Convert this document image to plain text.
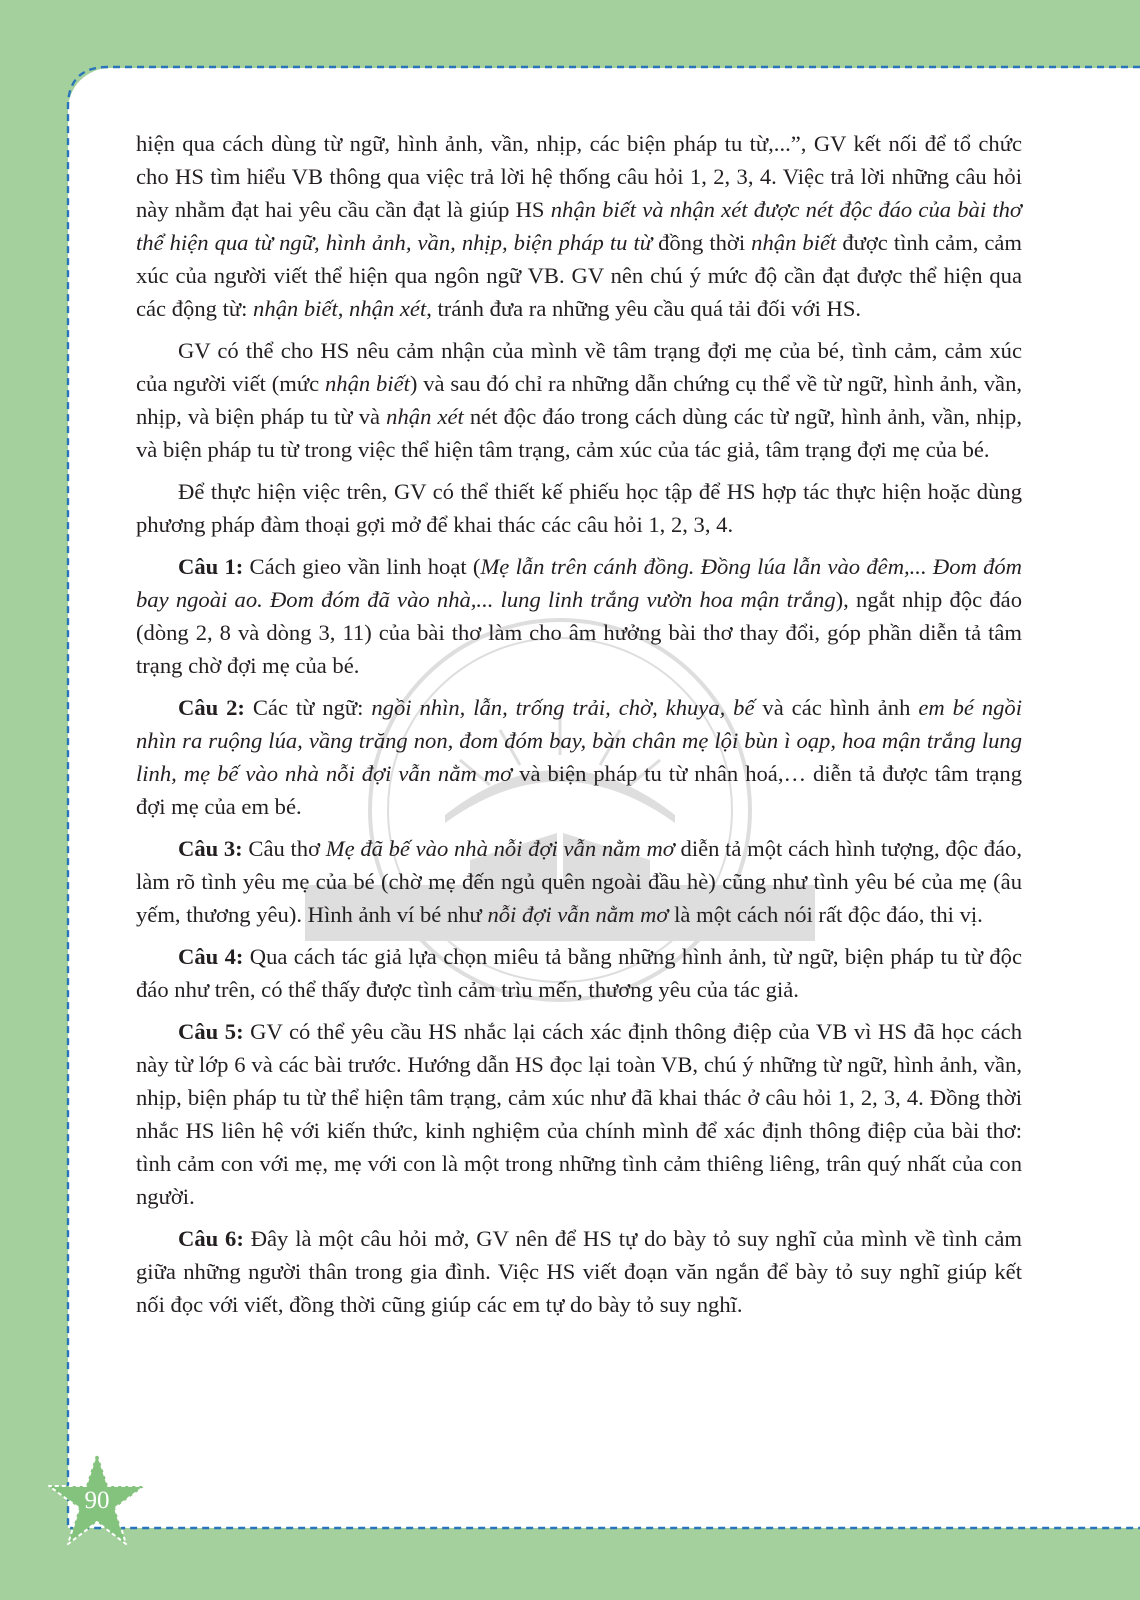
hiện qua cách dùng từ ngữ, hình ảnh, vần, nhịp, các biện pháp tu từ,...”, GV kết nối để tổ chức cho HS tìm hiểu VB thông qua việc trả lời hệ thống câu hỏi 1, 2, 3, 4. Việc trả lời những câu hỏi này nhằm đạt hai yêu cầu cần đạt là giúp HS nhận biết và nhận xét được nét độc đáo của bài thơ thể hiện qua từ ngữ, hình ảnh, vần, nhịp, biện pháp tu từ đồng thời nhận biết được tình cảm, cảm xúc của người viết thể hiện qua ngôn ngữ VB. GV nên chú ý mức độ cần đạt được thể hiện qua các động từ: nhận biết, nhận xét, tránh đưa ra những yêu cầu quá tải đối với HS.

GV có thể cho HS nêu cảm nhận của mình về tâm trạng đợi mẹ của bé, tình cảm, cảm xúc của người viết (mức nhận biết) và sau đó chỉ ra những dẫn chứng cụ thể về từ ngữ, hình ảnh, vần, nhịp, và biện pháp tu từ và nhận xét nét độc đáo trong cách dùng các từ ngữ, hình ảnh, vần, nhịp, và biện pháp tu từ trong việc thể hiện tâm trạng, cảm xúc của tác giả, tâm trạng đợi mẹ của bé.

Để thực hiện việc trên, GV có thể thiết kế phiếu học tập để HS hợp tác thực hiện hoặc dùng phương pháp đàm thoại gợi mở để khai thác các câu hỏi 1, 2, 3, 4.

Câu 1: Cách gieo vần linh hoạt (Mẹ lẫn trên cánh đồng. Đồng lúa lẫn vào đêm,... Đom đóm bay ngoài ao. Đom đóm đã vào nhà,... lung linh trắng vườn hoa mận trắng), ngắt nhịp độc đáo (dòng 2, 8 và dòng 3, 11) của bài thơ làm cho âm hưởng bài thơ thay đổi, góp phần diễn tả tâm trạng chờ đợi mẹ của bé.

Câu 2: Các từ ngữ: ngồi nhìn, lẫn, trống trải, chờ, khuya, bế và các hình ảnh em bé ngồi nhìn ra ruộng lúa, vầng trăng non, đom đóm bay, bàn chân mẹ lội bùn ì oạp, hoa mận trắng lung linh, mẹ bế vào nhà nỗi đợi vẫn nằm mơ và biện pháp tu từ nhân hoá,… diễn tả được tâm trạng đợi mẹ của em bé.

Câu 3: Câu thơ Mẹ đã bế vào nhà nỗi đợi vẫn nằm mơ diễn tả một cách hình tượng, độc đáo, làm rõ tình yêu mẹ của bé (chờ mẹ đến ngủ quên ngoài đầu hè) cũng như tình yêu bé của mẹ (âu yếm, thương yêu). Hình ảnh ví bé như nỗi đợi vẫn nằm mơ là một cách nói rất độc đáo, thi vị.

Câu 4: Qua cách tác giả lựa chọn miêu tả bằng những hình ảnh, từ ngữ, biện pháp tu từ độc đáo như trên, có thể thấy được tình cảm trìu mến, thương yêu của tác giả.

Câu 5: GV có thể yêu cầu HS nhắc lại cách xác định thông điệp của VB vì HS đã học cách này từ lớp 6 và các bài trước. Hướng dẫn HS đọc lại toàn VB, chú ý những từ ngữ, hình ảnh, vần, nhịp, biện pháp tu từ thể hiện tâm trạng, cảm xúc như đã khai thác ở câu hỏi 1, 2, 3, 4. Đồng thời nhắc HS liên hệ với kiến thức, kinh nghiệm của chính mình để xác định thông điệp của bài thơ: tình cảm con với mẹ, mẹ với con là một trong những tình cảm thiêng liêng, trân quý nhất của con người.

Câu 6: Đây là một câu hỏi mở, GV nên để HS tự do bày tỏ suy nghĩ của mình về tình cảm giữa những người thân trong gia đình. Việc HS viết đoạn văn ngắn để bày tỏ suy nghĩ giúp kết nối đọc với viết, đồng thời cũng giúp các em tự do bày tỏ suy nghĩ.

90
